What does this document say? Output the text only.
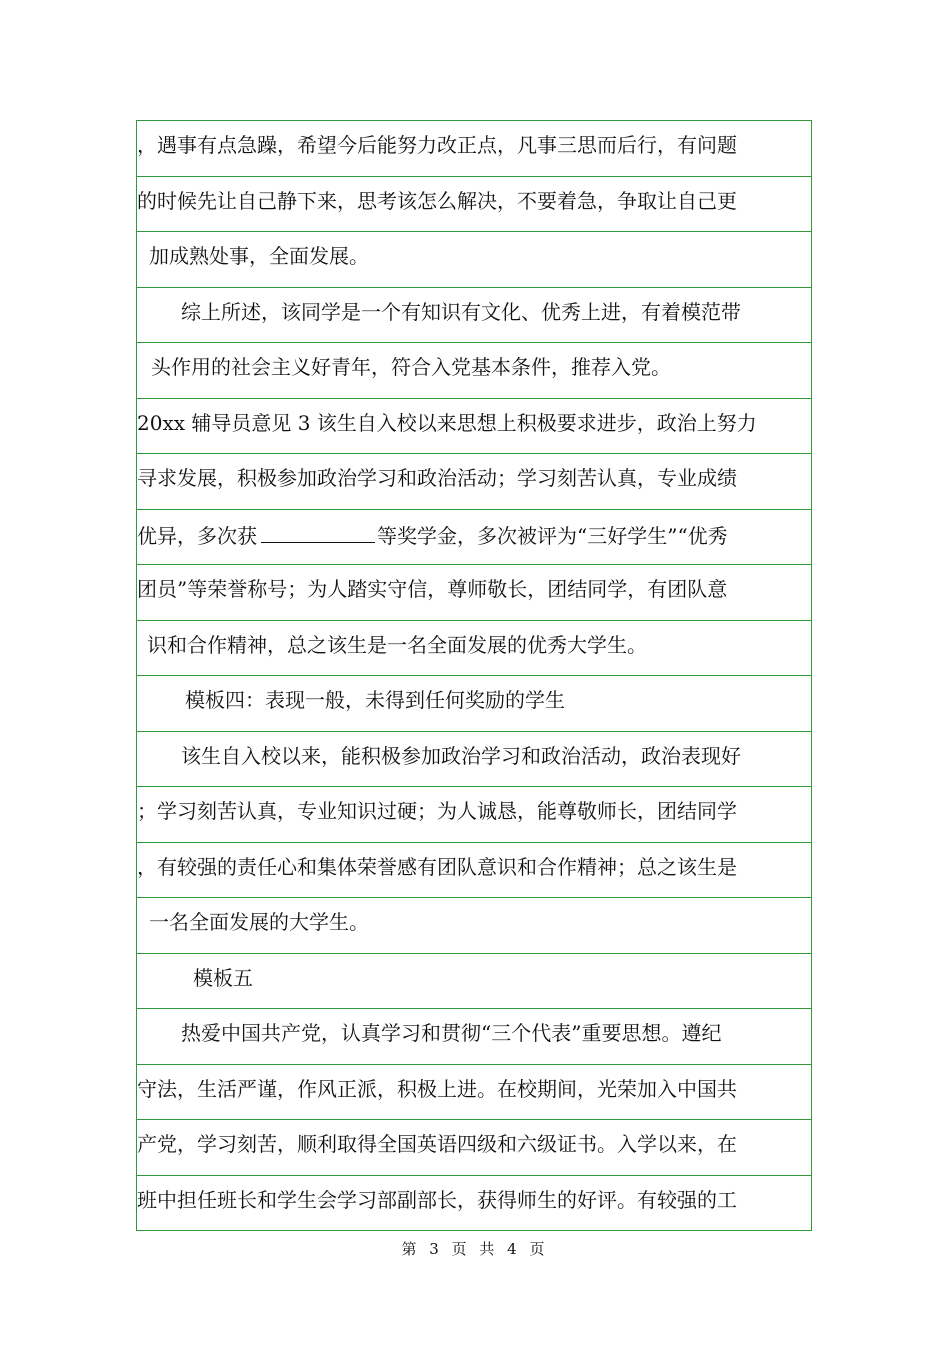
，遇事有点急躁，希望今后能努力改正点，凡事三思而后行，有问题
的时候先让自己静下来，思考该怎么解决，不要着急，争取让自己更
加成熟处事，全面发展。
综上所述，该同学是一个有知识有文化、优秀上进，有着模范带
头作用的社会主义好青年，符合入党基本条件，推荐入党。
20xx 辅导员意见 3 该生自入校以来思想上积极要求进步，政治上努力
寻求发展，积极参加政治学习和政治活动；学习刻苦认真，专业成绩
优异，多次获	等奖学金，多次被评为“三好学生”“优秀
团员”等荣誉称号；为人踏实守信，尊师敬长，团结同学，有团队意
识和合作精神，总之该生是一名全面发展的优秀大学生。
模板四：表现一般，未得到任何奖励的学生
该生自入校以来，能积极参加政治学习和政治活动，政治表现好
；学习刻苦认真，专业知识过硬；为人诚恳，能尊敬师长，团结同学
，有较强的责任心和集体荣誉感有团队意识和合作精神；总之该生是
一名全面发展的大学生。
模板五
热爱中国共产党，认真学习和贯彻“三个代表”重要思想。遵纪
守法，生活严谨，作风正派，积极上进。在校期间，光荣加入中国共
产党，学习刻苦，顺利取得全国英语四级和六级证书。入学以来，在
班中担任班长和学生会学习部副部长，获得师生的好评。有较强的工
第 3 页 共 4 页
